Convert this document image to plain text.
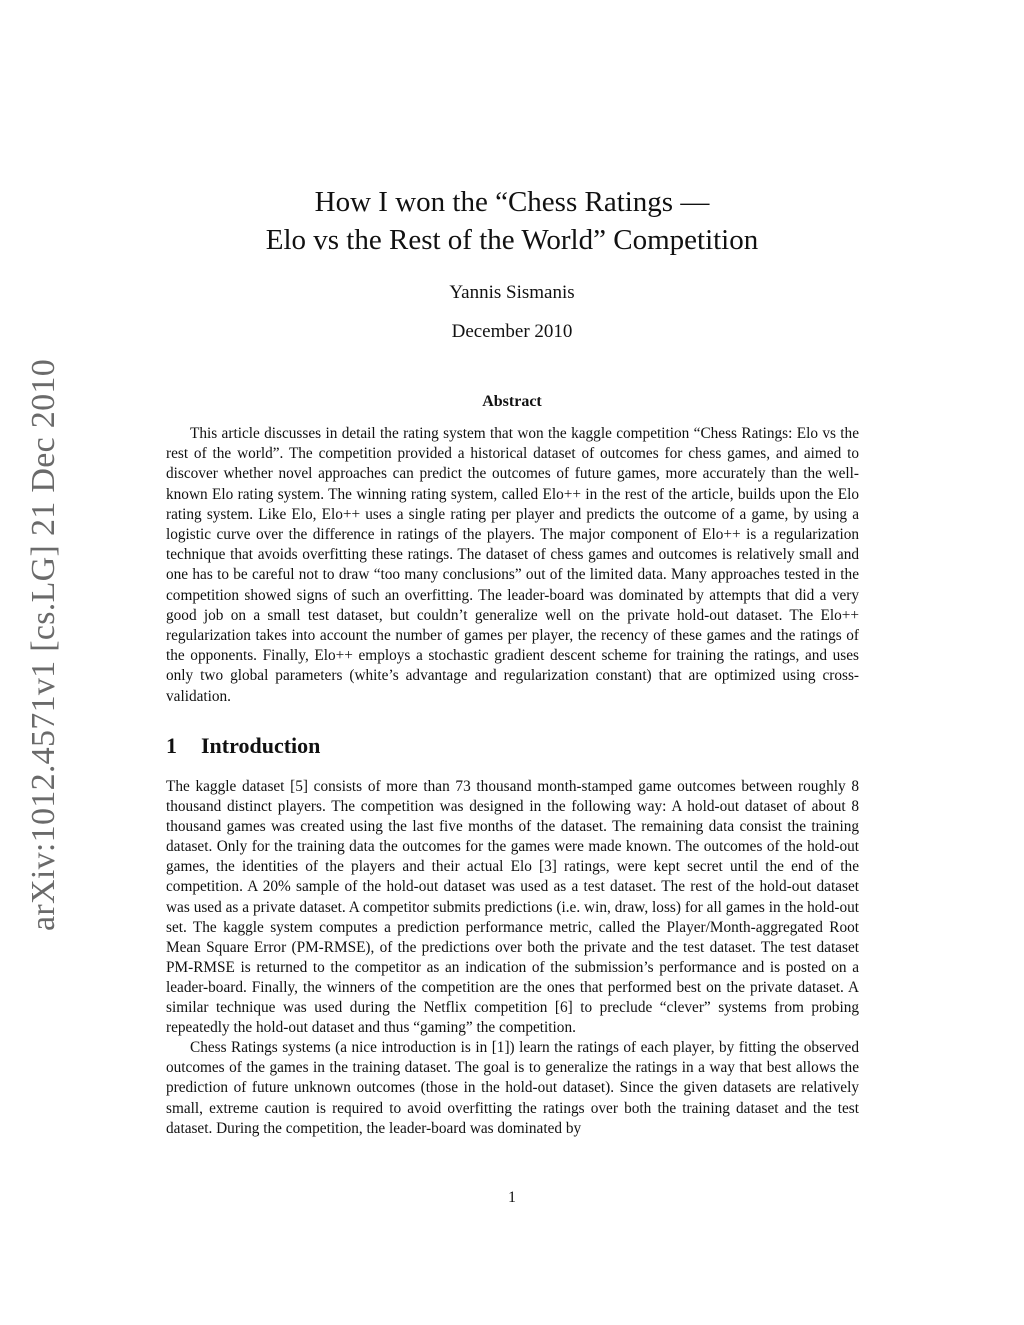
arXiv:1012.4571v1 [cs.LG] 21 Dec 2010
How I won the “Chess Ratings —
Elo vs the Rest of the World” Competition
Yannis Sismanis
December 2010
Abstract

This article discusses in detail the rating system that won the kaggle competition “Chess Ratings: Elo vs the rest of the world”. The competition provided a historical dataset of outcomes for chess games, and aimed to discover whether novel approaches can predict the outcomes of future games, more accurately than the well-known Elo rating system. The winning rating system, called Elo++ in the rest of the article, builds upon the Elo rating system. Like Elo, Elo++ uses a single rating per player and predicts the outcome of a game, by using a logistic curve over the difference in ratings of the players. The major component of Elo++ is a regularization technique that avoids overfitting these ratings. The dataset of chess games and outcomes is relatively small and one has to be careful not to draw “too many conclusions” out of the limited data. Many approaches tested in the competition showed signs of such an overfitting. The leader-board was dominated by attempts that did a very good job on a small test dataset, but couldn’t generalize well on the private hold-out dataset. The Elo++ regularization takes into account the number of games per player, the recency of these games and the ratings of the opponents. Finally, Elo++ employs a stochastic gradient descent scheme for training the ratings, and uses only two global parameters (white’s advantage and regularization constant) that are optimized using cross-validation.

1 Introduction

The kaggle dataset [5] consists of more than 73 thousand month-stamped game outcomes between roughly 8 thousand distinct players. The competition was designed in the following way: A hold-out dataset of about 8 thousand games was created using the last five months of the dataset. The remaining data consist the training dataset. Only for the training data the outcomes for the games were made known. The outcomes of the hold-out games, the identities of the players and their actual Elo [3] ratings, were kept secret until the end of the competition. A 20% sample of the hold-out dataset was used as a test dataset. The rest of the hold-out dataset was used as a private dataset. A competitor submits predictions (i.e. win, draw, loss) for all games in the hold-out set. The kaggle system computes a prediction performance metric, called the Player/Month-aggregated Root Mean Square Error (PM-RMSE), of the predictions over both the private and the test dataset. The test dataset PM-RMSE is returned to the competitor as an indication of the submission’s performance and is posted on a leader-board. Finally, the winners of the competition are the ones that performed best on the private dataset. A similar technique was used during the Netflix competition [6] to preclude “clever” systems from probing repeatedly the hold-out dataset and thus “gaming” the competition.

Chess Ratings systems (a nice introduction is in [1]) learn the ratings of each player, by fitting the observed outcomes of the games in the training dataset. The goal is to generalize the ratings in a way that best allows the prediction of future unknown outcomes (those in the hold-out dataset). Since the given datasets are relatively small, extreme caution is required to avoid overfitting the ratings over both the training dataset and the test dataset. During the competition, the leader-board was dominated by

1
